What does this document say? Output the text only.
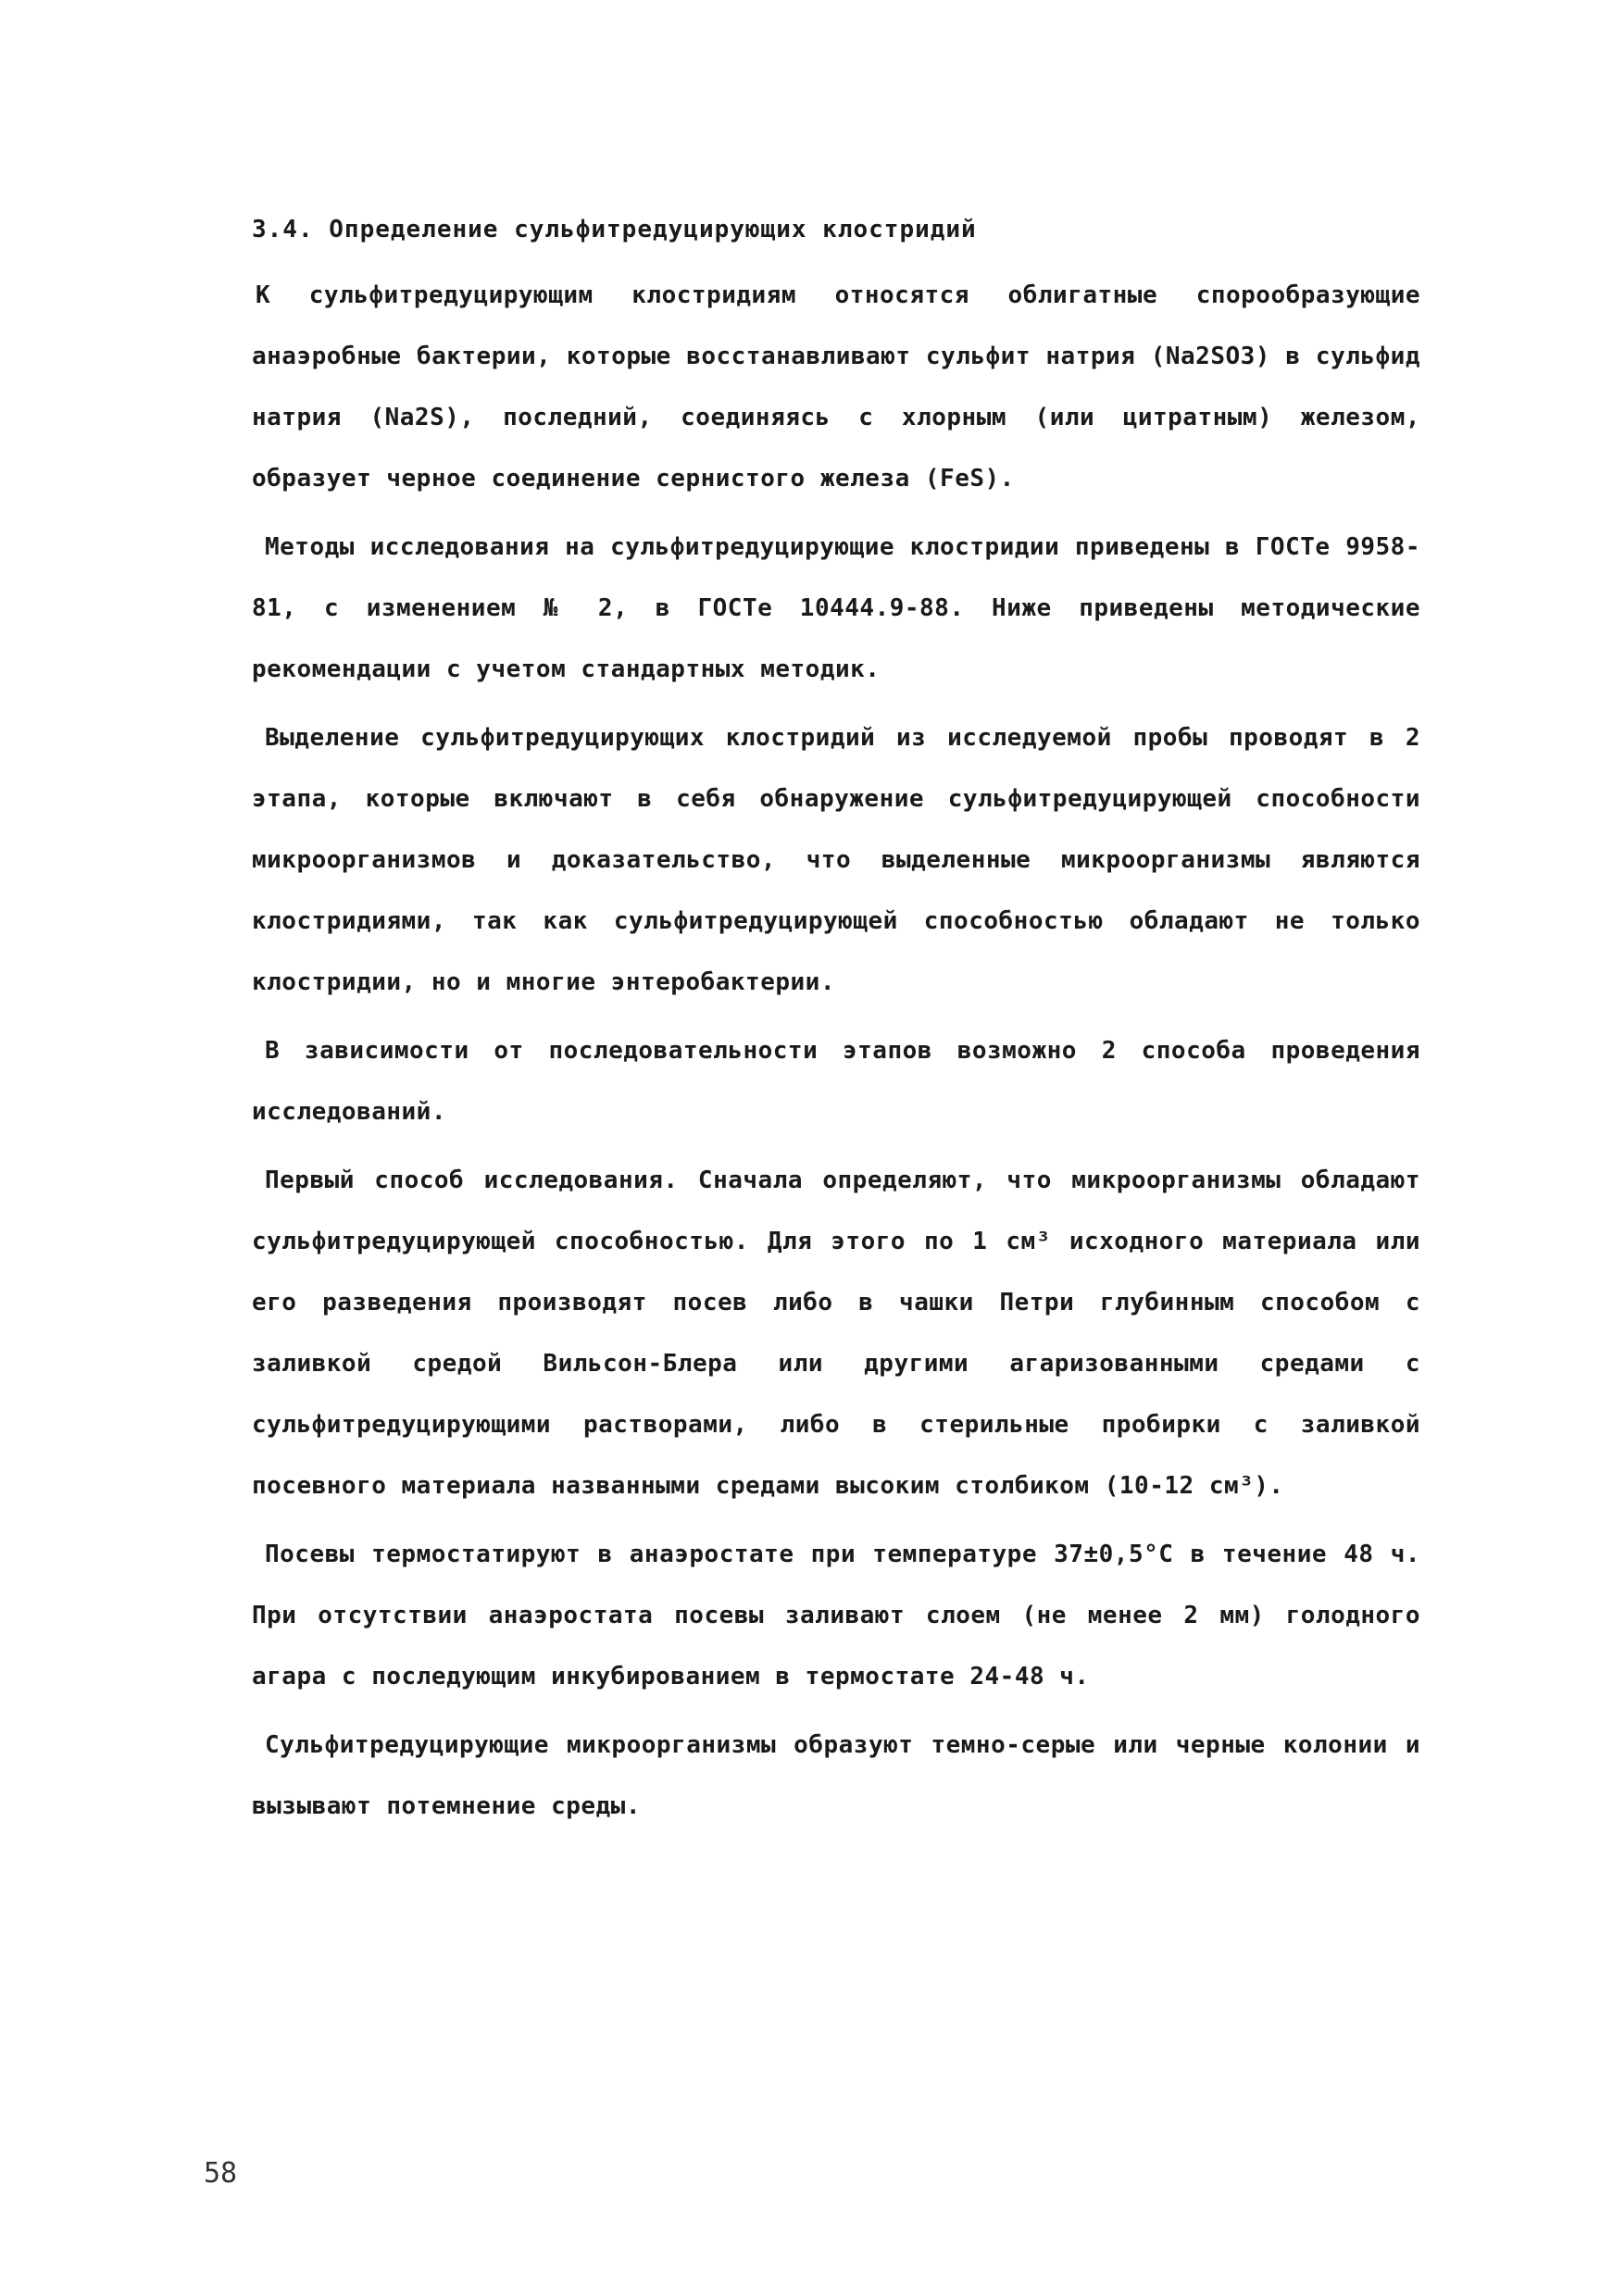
3.4. Определение сульфитредуцирующих клостридий

К сульфитредуцирующим клостридиям относятся облигатные спорообразующие анаэробные бактерии, которые восстанавливают сульфит натрия (Na2SO3) в сульфид натрия (Na2S), последний, соединяясь с хлорным (или цитратным) железом, образует черное соединение сернистого железа (FeS).

Методы исследования на сульфитредуцирующие клостридии приведены в ГОСТе 9958-81, с изменением № 2, в ГОСТе 10444.9-88. Ниже приведены методические рекомендации с учетом стандартных методик.

Выделение сульфитредуцирующих клостридий из исследуемой пробы проводят в 2 этапа, которые включают в себя обнаружение сульфитредуцирующей способности микроорганизмов и доказательство, что выделенные микроорганизмы являются клостридиями, так как сульфитредуцирующей способностью обладают не только клостридии, но и многие энтеробактерии.

В зависимости от последовательности этапов возможно 2 способа проведения исследований.

Первый способ исследования. Сначала определяют, что микроорганизмы обладают сульфитредуцирующей способностью. Для этого по 1 см³ исходного материала или его разведения производят посев либо в чашки Петри глубинным способом с заливкой средой Вильсон-Блера или другими агаризованными средами с сульфитредуцирующими растворами, либо в стерильные пробирки с заливкой посевного материала названными средами высоким столбиком (10-12 см³).

Посевы термостатируют в анаэростате при температуре 37±0,5°С в течение 48 ч. При отсутствии анаэростата посевы заливают слоем (не менее 2 мм) голодного агара с последующим инкубированием в термостате 24-48 ч.

Сульфитредуцирующие микроорганизмы образуют темно-серые или черные колонии и вызывают потемнение среды.

58
